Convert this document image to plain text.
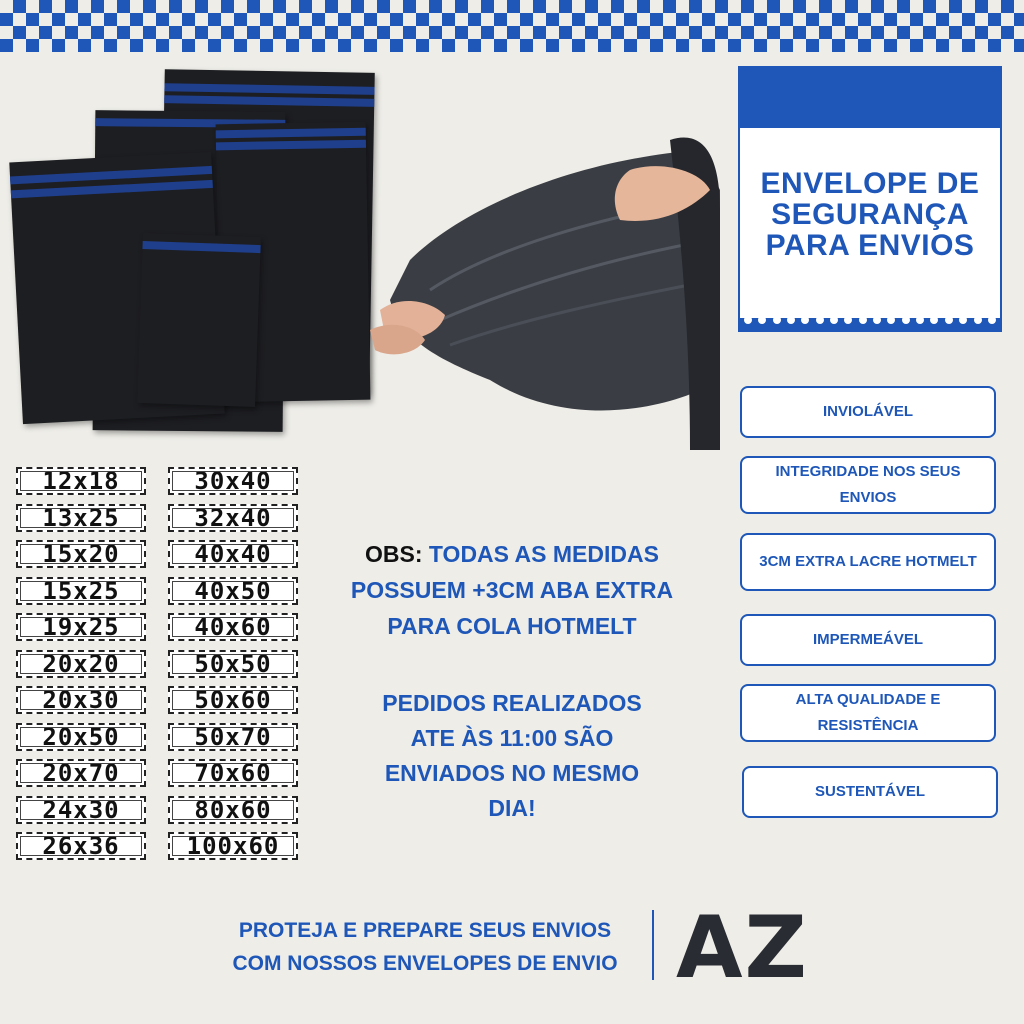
ENVELOPE DE
SEGURANÇA
PARA ENVIOS
INVIOLÁVEL
INTEGRIDADE NOS SEUS ENVIOS
3CM EXTRA LACRE HOTMELT
IMPERMEÁVEL
ALTA QUALIDADE E RESISTÊNCIA
SUSTENTÁVEL
12x18
13x25
15x20
15x25
19x25
20x20
20x30
20x50
20x70
24x30
26x36
30x40
32x40
40x40
40x50
40x60
50x50
50x60
50x70
70x60
80x60
100x60
OBS: TODAS AS MEDIDAS
POSSUEM +3CM ABA EXTRA
PARA COLA HOTMELT
PEDIDOS REALIZADOS
ATE ÀS 11:00 SÃO
ENVIADOS NO MESMO
DIA!
PROTEJA E PREPARE SEUS ENVIOS
COM NOSSOS ENVELOPES DE ENVIO AZ
